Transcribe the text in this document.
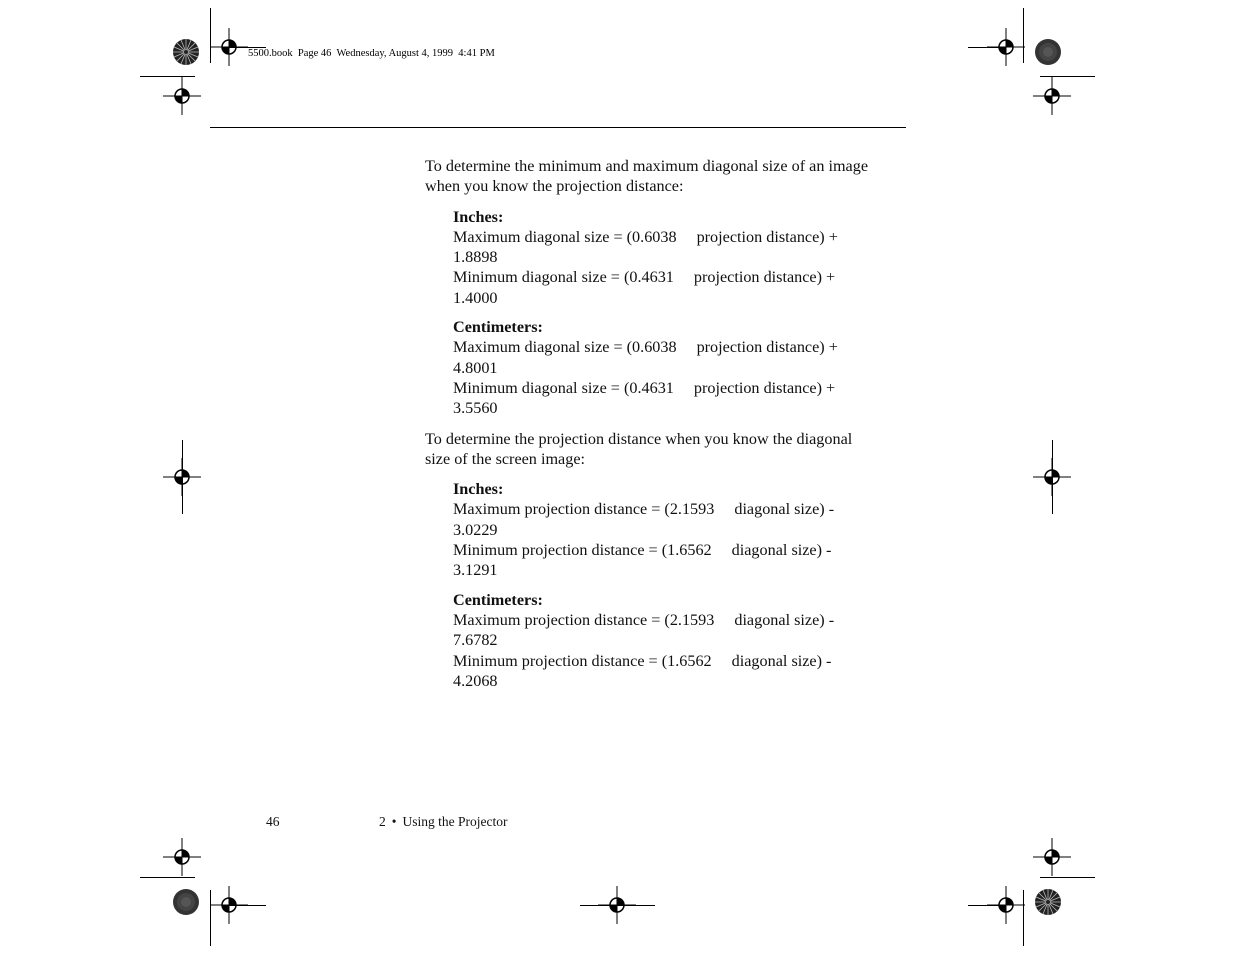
5500.book  Page 46  Wednesday, August 4, 1999  4:41 PM

To determine the minimum and maximum diagonal size of an image
when you know the projection distance:

Inches:
Maximum diagonal size = (0.6038 projection distance) +
1.8898
Minimum diagonal size = (0.4631 projection distance) +
1.4000
Centimeters:
Maximum diagonal size = (0.6038 projection distance) +
4.8001
Minimum diagonal size = (0.4631 projection distance) +
3.5560

To determine the projection distance when you know the diagonal
size of the screen image:

Inches:
Maximum projection distance = (2.1593 diagonal size) -
3.0229
Minimum projection distance = (1.6562 diagonal size) -
3.1291
Centimeters:
Maximum projection distance = (2.1593 diagonal size) -
7.6782
Minimum projection distance = (1.6562 diagonal size) -
4.2068
46	2 • Using the Projector
